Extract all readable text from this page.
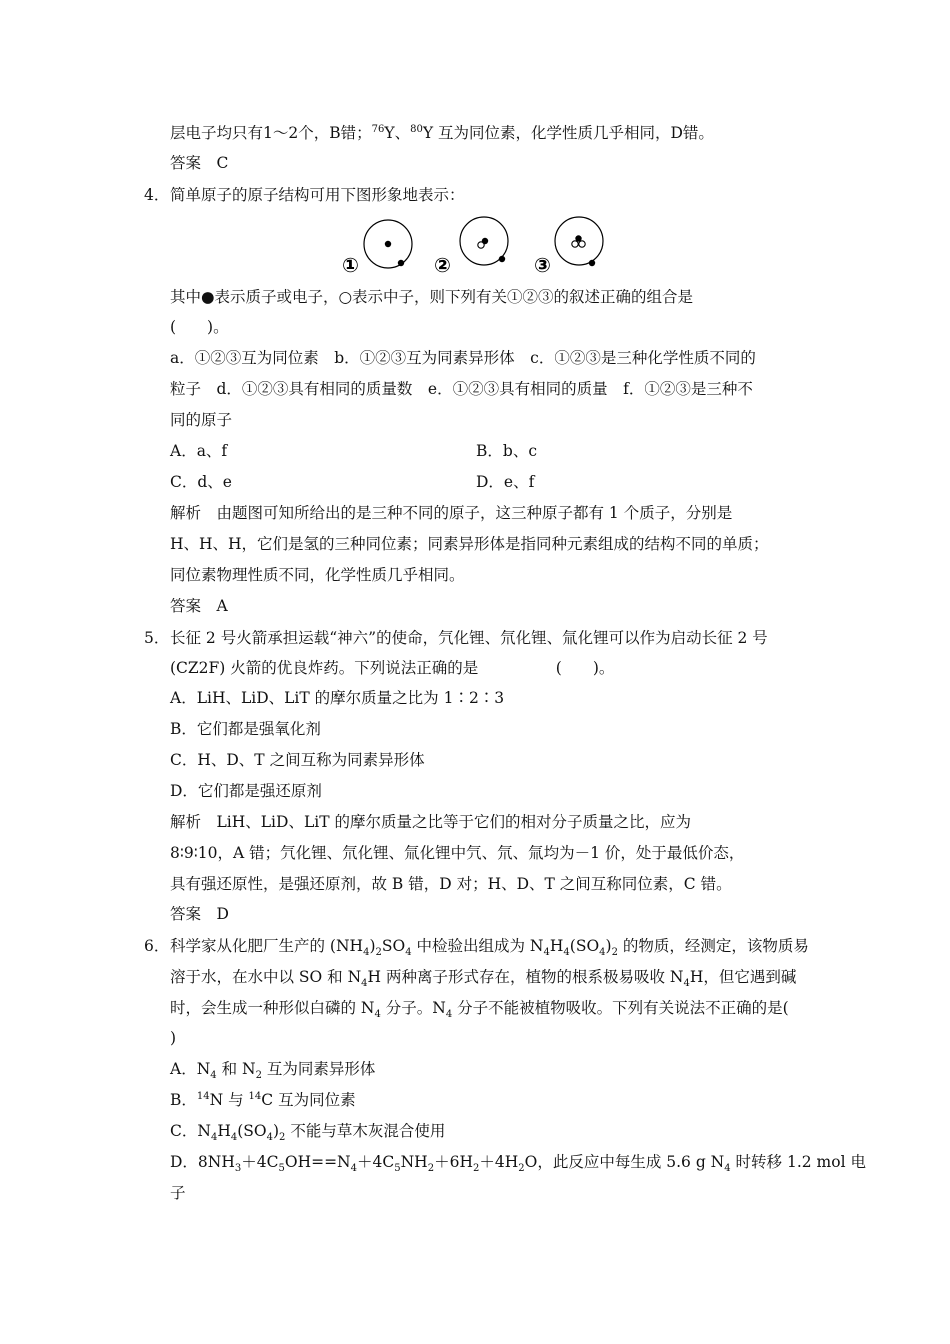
层电子均只有1～2个，B错；$^{76}$Y、$^{80}$Y 互为同位素，化学性质几乎相同，D错。
答案　C
4． 简单原子的原子结构可用下图形象地表示：
①	②	③
其中●表示质子或电子，○表示中子，则下列有关①②③的叙述正确的组合是
(　　)。
a．①②③互为同位素　b．①②③互为同素异形体　c．①②③是三种化学性质不同的
粒子　d．①②③具有相同的质量数　e．①②③具有相同的质量　f．①②③是三种不
同的原子
A．a、f	B．b、c
C．d、e	D．e、f
解析　由题图可知所给出的是三种不同的原子，这三种原子都有 1 个质子，分别是
H、H、H，它们是氢的三种同位素；同素异形体是指同种元素组成的结构不同的单质；
同位素物理性质不同，化学性质几乎相同。
答案　A
5． 长征 2 号火箭承担运载“神六”的使命，氕化锂、氘化锂、氚化锂可以作为启动长征 2 号
(CZ2F) 火箭的优良炸药。下列说法正确的是　　　　　(　　)。
A．LiH、LiD、LiT 的摩尔质量之比为 1∶2∶3
B．它们都是强氧化剂
C．H、D、T 之间互称为同素异形体
D．它们都是强还原剂
解析　LiH、LiD、LiT 的摩尔质量之比等于它们的相对分子质量之比，应为
8∶9∶10，A 错；氕化锂、氘化锂、氚化锂中氕、氘、氚均为－1 价，处于最低价态，
具有强还原性，是强还原剂，故 B 错，D 对；H、D、T 之间互称同位素，C 错。
答案　D
6． 科学家从化肥厂生产的 $(NH_4)_2SO_4$ 中检验出组成为 $N_4H_4(SO_4)_2$ 的物质，经测定，该物质易
溶于水，在水中以 SO 和 $N_4H$ 两种离子形式存在，植物的根系极易吸收 $N_4H$，但它遇到碱
时，会生成一种形似白磷的 $N_4$ 分子。$N_4$ 分子不能被植物吸收。下列有关说法不正确的是(
)
A．$N_4$ 和 $N_2$ 互为同素异形体
B．$^{14}$N 与 $^{14}$C 互为同位素
C．$N_4H_4(SO_4)_2$ 不能与草木灰混合使用
D．$8NH_3+4C_5OH==N_4+4C_5NH_2+6H_2+4H_2O$，此反应中每生成 5.6 g $N_4$ 时转移 1.2 mol 电
子
